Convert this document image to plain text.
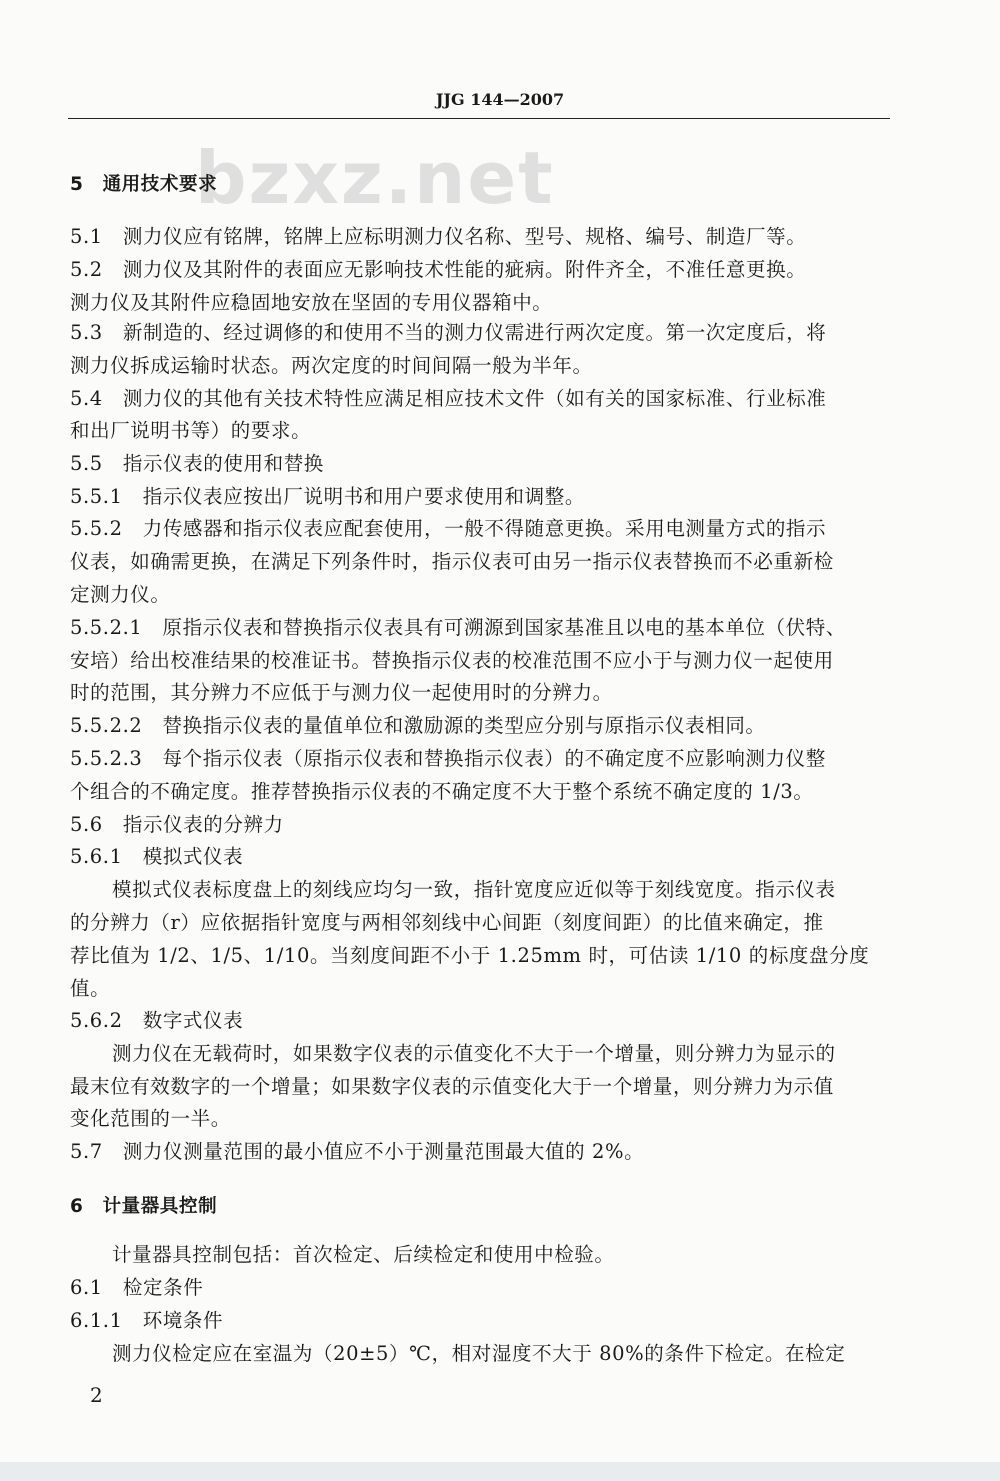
bzxz.net
JJG 144—2007
5　通用技术要求
5.1　测力仪应有铭牌，铭牌上应标明测力仪名称、型号、规格、编号、制造厂等。
5.2　测力仪及其附件的表面应无影响技术性能的疵病。附件齐全，不准任意更换。
测力仪及其附件应稳固地安放在坚固的专用仪器箱中。
5.3　新制造的、经过调修的和使用不当的测力仪需进行两次定度。第一次定度后，将
测力仪拆成运输时状态。两次定度的时间间隔一般为半年。
5.4　测力仪的其他有关技术特性应满足相应技术文件（如有关的国家标准、行业标准
和出厂说明书等）的要求。
5.5　指示仪表的使用和替换
5.5.1　指示仪表应按出厂说明书和用户要求使用和调整。
5.5.2　力传感器和指示仪表应配套使用，一般不得随意更换。采用电测量方式的指示
仪表，如确需更换，在满足下列条件时，指示仪表可由另一指示仪表替换而不必重新检
定测力仪。
5.5.2.1　原指示仪表和替换指示仪表具有可溯源到国家基准且以电的基本单位（伏特、
安培）给出校准结果的校准证书。替换指示仪表的校准范围不应小于与测力仪一起使用
时的范围，其分辨力不应低于与测力仪一起使用时的分辨力。
5.5.2.2　替换指示仪表的量值单位和激励源的类型应分别与原指示仪表相同。
5.5.2.3　每个指示仪表（原指示仪表和替换指示仪表）的不确定度不应影响测力仪整
个组合的不确定度。推荐替换指示仪表的不确定度不大于整个系统不确定度的 1/3。
5.6　指示仪表的分辨力
5.6.1　模拟式仪表
模拟式仪表标度盘上的刻线应均匀一致，指针宽度应近似等于刻线宽度。指示仪表
的分辨力（r）应依据指针宽度与两相邻刻线中心间距（刻度间距）的比值来确定，推
荐比值为 1/2、1/5、1/10。当刻度间距不小于 1.25mm 时，可估读 1/10 的标度盘分度
值。
5.6.2　数字式仪表
测力仪在无载荷时，如果数字仪表的示值变化不大于一个增量，则分辨力为显示的
最末位有效数字的一个增量；如果数字仪表的示值变化大于一个增量，则分辨力为示值
变化范围的一半。
5.7　测力仪测量范围的最小值应不小于测量范围最大值的 2%。
6　计量器具控制
计量器具控制包括：首次检定、后续检定和使用中检验。
6.1　检定条件
6.1.1　环境条件
测力仪检定应在室温为（20±5）℃，相对湿度不大于 80%的条件下检定。在检定
2
